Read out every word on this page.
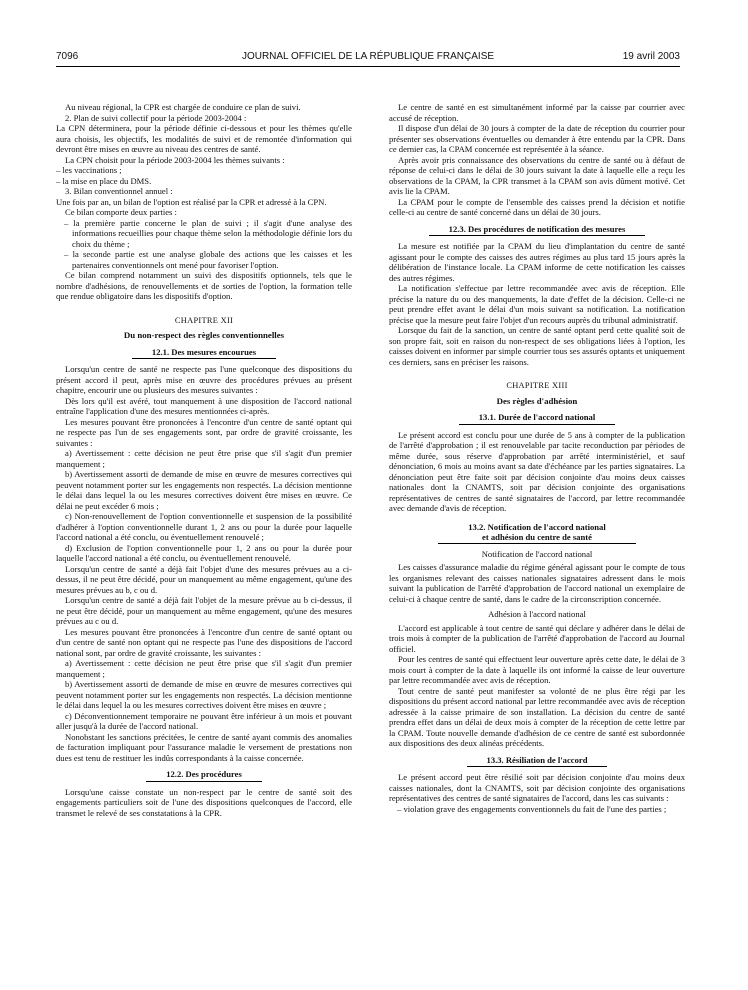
7096	JOURNAL OFFICIEL DE LA RÉPUBLIQUE FRANÇAISE	19 avril 2003

Au niveau régional, la CPR est chargée de conduire ce plan de suivi.

2. Plan de suivi collectif pour la période 2003-2004 :

La CPN déterminera, pour la période définie ci-dessous et pour les thèmes qu'elle aura choisis, les objectifs, les modalités de suivi et de remontée d'information qui devront être mises en œuvre au niveau des centres de santé.

La CPN choisit pour la période 2003-2004 les thèmes suivants :

– les vaccinations ;

– la mise en place du DMS.

3. Bilan conventionnel annuel :

Une fois par an, un bilan de l'option est réalisé par la CPR et adressé à la CPN.

Ce bilan comporte deux parties :

– la première partie concerne le plan de suivi ; il s'agit d'une analyse des informations recueillies pour chaque thème selon la méthodologie définie lors du choix du thème ;

– la seconde partie est une analyse globale des actions que les caisses et les partenaires conventionnels ont mené pour favoriser l'option.

Ce bilan comprend notamment un suivi des dispositifs optionnels, tels que le nombre d'adhésions, de renouvellements et de sorties de l'option, la formation telle que rendue obligatoire dans les dispositifs d'option.

CHAPITRE XII
Du non-respect des règles conventionnelles
12.1. Des mesures encourues

Lorsqu'un centre de santé ne respecte pas l'une quelconque des dispositions du présent accord il peut, après mise en œuvre des procédures prévues au présent chapitre, encourir une ou plusieurs des mesures suivantes :

Dès lors qu'il est avéré, tout manquement à une disposition de l'accord national entraîne l'application d'une des mesures mentionnées ci-après.

Les mesures pouvant être prononcées à l'encontre d'un centre de santé optant qui ne respecte pas l'un de ses engagements sont, par ordre de gravité croissante, les suivantes :

a) Avertissement : cette décision ne peut être prise que s'il s'agit d'un premier manquement ;

b) Avertissement assorti de demande de mise en œuvre de mesures correctives qui peuvent notamment porter sur les engagements non respectés. La décision mentionne le délai dans lequel la ou les mesures correctives doivent être mises en œuvre. Ce délai ne peut excéder 6 mois ;

c) Non-renouvellement de l'option conventionnelle et suspension de la possibilité d'adhérer à l'option conventionnelle durant 1, 2 ans ou pour la durée pour laquelle l'accord national a été conclu, ou éventuellement renouvelé ;

d) Exclusion de l'option conventionnelle pour 1, 2 ans ou pour la durée pour laquelle l'accord national a été conclu, ou éventuellement renouvelé.

Lorsqu'un centre de santé a déjà fait l'objet d'une des mesures prévues au a ci-dessus, il ne peut être décidé, pour un manquement au même engagement, qu'une des mesures prévues au b, c ou d.

Lorsqu'un centre de santé a déjà fait l'objet de la mesure prévue au b ci-dessus, il ne peut être décidé, pour un manquement au même engagement, qu'une des mesures prévues au c ou d.

Les mesures pouvant être prononcées à l'encontre d'un centre de santé optant ou d'un centre de santé non optant qui ne respecte pas l'une des dispositions de l'accord national sont, par ordre de gravité croissante, les suivantes :

a) Avertissement : cette décision ne peut être prise que s'il s'agit d'un premier manquement ;

b) Avertissement assorti de demande de mise en œuvre de mesures correctives qui peuvent notamment porter sur les engagements non respectés. La décision mentionne le délai dans lequel la ou les mesures correctives doivent être mises en œuvre ;

c) Déconventionnement temporaire ne pouvant être inférieur à un mois et pouvant aller jusqu'à la durée de l'accord national.

Nonobstant les sanctions précitées, le centre de santé ayant commis des anomalies de facturation impliquant pour l'assurance maladie le versement de prestations non dues est tenu de restituer les indûs correspondants à la caisse concernée.

12.2. Des procédures

Lorsqu'une caisse constate un non-respect par le centre de santé soit des engagements particuliers soit de l'une des dispositions quelconques de l'accord, elle transmet le relevé de ses constatations à la CPR.

Le centre de santé en est simultanément informé par la caisse par courrier avec accusé de réception.

Il dispose d'un délai de 30 jours à compter de la date de réception du courrier pour présenter ses observations éventuelles ou demander à être entendu par la CPR. Dans ce dernier cas, la CPAM concernée est représentée à la séance.

Après avoir pris connaissance des observations du centre de santé ou à défaut de réponse de celui-ci dans le délai de 30 jours suivant la date à laquelle elle a reçu les observations de la CPAM, la CPR transmet à la CPAM son avis dûment motivé. Cet avis lie la CPAM.

La CPAM pour le compte de l'ensemble des caisses prend la décision et notifie celle-ci au centre de santé concerné dans un délai de 30 jours.

12.3. Des procédures de notification des mesures

La mesure est notifiée par la CPAM du lieu d'implantation du centre de santé agissant pour le compte des caisses des autres régimes au plus tard 15 jours après la délibération de l'instance locale. La CPAM informe de cette notification les caisses des autres régimes.

La notification s'effectue par lettre recommandée avec avis de réception. Elle précise la nature du ou des manquements, la date d'effet de la décision. Celle-ci ne peut prendre effet avant le délai d'un mois suivant sa notification. La notification précise que la mesure peut faire l'objet d'un recours auprès du tribunal administratif.

Lorsque du fait de la sanction, un centre de santé optant perd cette qualité soit de son propre fait, soit en raison du non-respect de ses obligations liées à l'option, les caisses doivent en informer par simple courrier tous ses assurés optants et uniquement ces derniers, sans en préciser les raisons.

CHAPITRE XIII
Des règles d'adhésion
13.1. Durée de l'accord national

Le présent accord est conclu pour une durée de 5 ans à compter de la publication de l'arrêté d'approbation ; il est renouvelable par tacite reconduction par périodes de même durée, sous réserve d'approbation par arrêté interministériel, et sauf dénonciation, 6 mois au moins avant sa date d'échéance par les parties signataires. La dénonciation peut être faite soit par décision conjointe d'au moins deux caisses nationales dont la CNAMTS, soit par décision conjointe des organisations représentatives de centres de santé signataires de l'accord, par lettre recommandée avec demande d'avis de réception.

13.2. Notification de l'accord national
et adhésion du centre de santé
Notification de l'accord national

Les caisses d'assurance maladie du régime général agissant pour le compte de tous les organismes relevant des caisses nationales signataires adressent dans le mois suivant la publication de l'arrêté d'approbation de l'accord national un exemplaire de celui-ci à chaque centre de santé, dans le cadre de la circonscription concernée.

Adhésion à l'accord national

L'accord est applicable à tout centre de santé qui déclare y adhérer dans le délai de trois mois à compter de la publication de l'arrêté d'approbation de l'accord au Journal officiel.

Pour les centres de santé qui effectuent leur ouverture après cette date, le délai de 3 mois court à compter de la date à laquelle ils ont informé la caisse de leur ouverture par lettre recommandée avec avis de réception.

Tout centre de santé peut manifester sa volonté de ne plus être régi par les dispositions du présent accord national par lettre recommandée avec avis de réception adressée à la caisse primaire de son installation. La décision du centre de santé prendra effet dans un délai de deux mois à compter de la réception de cette lettre par la CPAM. Toute nouvelle demande d'adhésion de ce centre de santé est subordonnée aux dispositions des deux alinéas précédents.

13.3. Résiliation de l'accord

Le présent accord peut être résilié soit par décision conjointe d'au moins deux caisses nationales, dont la CNAMTS, soit par décision conjointe des organisations représentatives des centres de santé signataires de l'accord, dans les cas suivants :

– violation grave des engagements conventionnels du fait de l'une des parties ;
